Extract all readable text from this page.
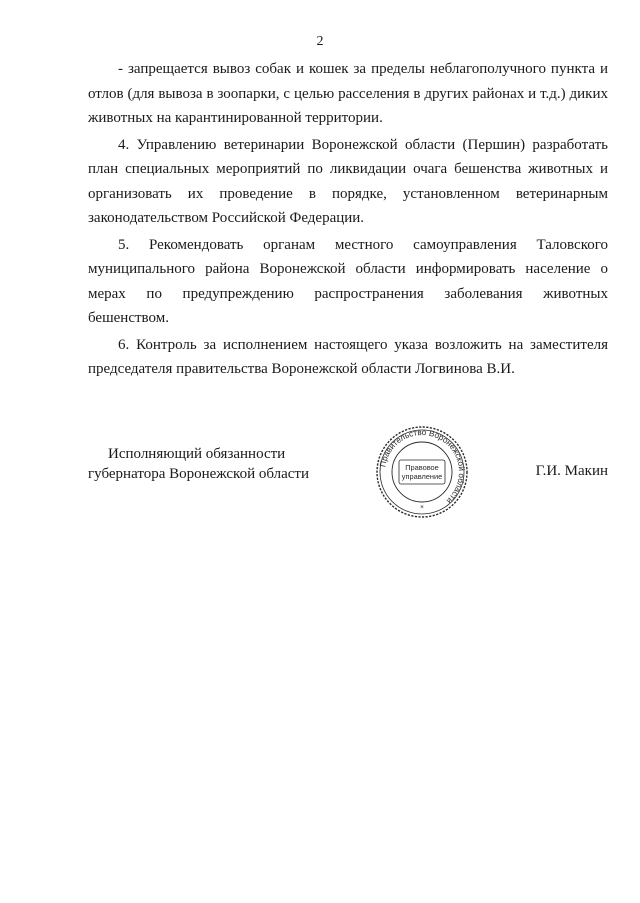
2

- запрещается вывоз собак и кошек за пределы неблагополучного пункта и отлов (для вывоза в зоопарки, с целью расселения в других районах и т.д.) диких животных на карантинированной территории.

4. Управлению ветеринарии Воронежской области (Першин) разработать план специальных мероприятий по ликвидации очага бешенства животных и организовать их проведение в порядке, установленном ветеринарным законодательством Российской Федерации.

5. Рекомендовать органам местного самоуправления Таловского муниципального района Воронежской области информировать население о мерах по предупреждению распространения заболевания животных бешенством.

6. Контроль за исполнением настоящего указа возложить на заместителя председателя правительства Воронежской области Логвинова В.И.

Исполняющий обязанности
губернатора Воронежской области	Г.И. Макин
Правительство Воронежской области
Правовое
управление
*
